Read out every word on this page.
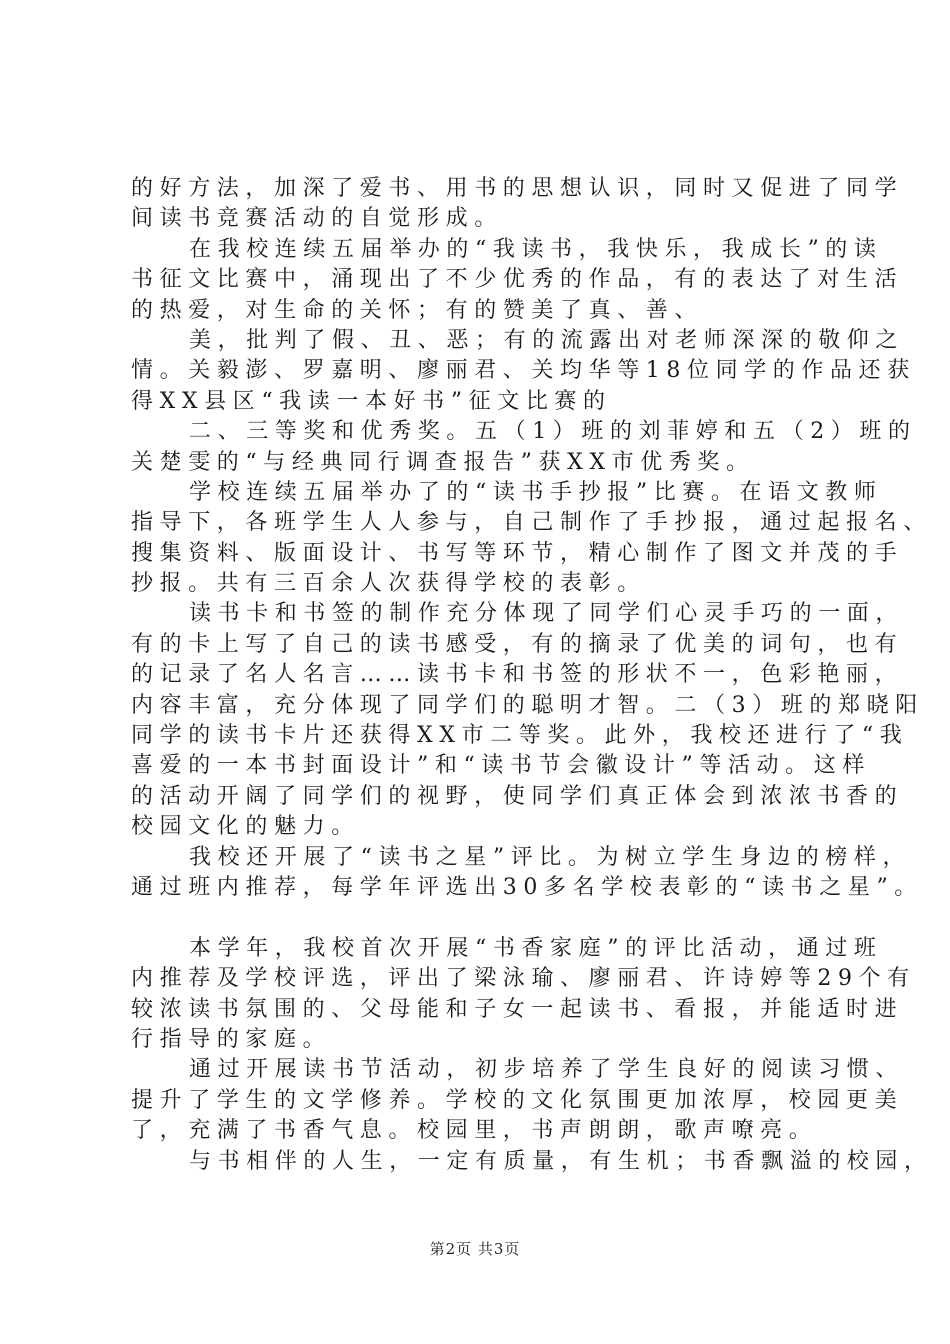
的好方法，加深了爱书、用书的思想认识，同时又促进了同学
间读书竞赛活动的自觉形成。
在我校连续五届举办的“我读书，我快乐，我成长”的读
书征文比赛中，涌现出了不少优秀的作品，有的表达了对生活
的热爱，对生命的关怀；有的赞美了真、善、
美，批判了假、丑、恶；有的流露出对老师深深的敬仰之
情。关毅澎、罗嘉明、廖丽君、关均华等18位同学的作品还获
得XX县区“我读一本好书”征文比赛的
二、三等奖和优秀奖。五（1）班的刘菲婷和五（2）班的
关楚雯的“与经典同行调查报告”获XX市优秀奖。
学校连续五届举办了的“读书手抄报”比赛。在语文教师
指导下，各班学生人人参与，自己制作了手抄报，通过起报名、
搜集资料、版面设计、书写等环节，精心制作了图文并茂的手
抄报。共有三百余人次获得学校的表彰。
读书卡和书签的制作充分体现了同学们心灵手巧的一面，
有的卡上写了自己的读书感受，有的摘录了优美的词句，也有
的记录了名人名言……读书卡和书签的形状不一，色彩艳丽，
内容丰富，充分体现了同学们的聪明才智。二（3）班的郑晓阳
同学的读书卡片还获得XX市二等奖。此外，我校还进行了“我
喜爱的一本书封面设计”和“读书节会徽设计”等活动。这样
的活动开阔了同学们的视野，使同学们真正体会到浓浓书香的
校园文化的魅力。
我校还开展了“读书之星”评比。为树立学生身边的榜样，
通过班内推荐，每学年评选出30多名学校表彰的“读书之星”。
本学年，我校首次开展“书香家庭”的评比活动，通过班
内推荐及学校评选，评出了梁泳瑜、廖丽君、许诗婷等29个有
较浓读书氛围的、父母能和子女一起读书、看报，并能适时进
行指导的家庭。
通过开展读书节活动，初步培养了学生良好的阅读习惯、
提升了学生的文学修养。学校的文化氛围更加浓厚，校园更美
了，充满了书香气息。校园里，书声朗朗，歌声嘹亮。
与书相伴的人生，一定有质量，有生机；书香飘溢的校园，
第2页 共3页
